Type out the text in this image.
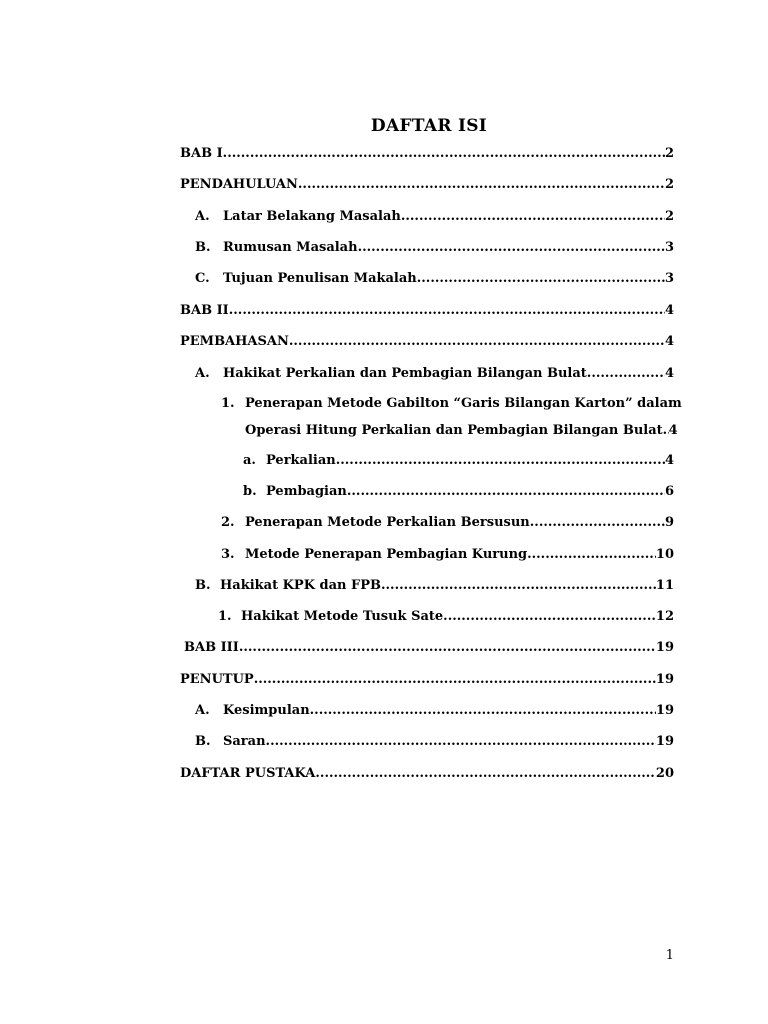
DAFTAR ISI
BAB I .....	2
PENDAHULUAN .....	2
A.	Latar Belakang Masalah .....	2
B. Rumusan Masalah .....	3
C.	Tujuan Penulisan Makalah .....	3
BAB II .....	4
PEMBAHASAN .....	4
A.	Hakikat Perkalian dan Pembagian Bilangan Bulat .....	4
1. Penerapan Metode Gabilton “Garis Bilangan Karton” dalam
Operasi Hitung Perkalian dan Pembagian Bilangan Bulat ..... 4
a. Perkalian .....	4
b. Pembagian .....	6
2. Penerapan Metode Perkalian Bersusun .....	9
3. Metode Penerapan Pembagian Kurung .....	10
B. Hakikat KPK dan FPB .....	11
1. Hakikat Metode Tusuk Sate .....	12
BAB III .....	19
PENUTUP .....	19
A.	Kesimpulan .....	19
B. Saran .....	19
DAFTAR PUSTAKA .....	20
1
